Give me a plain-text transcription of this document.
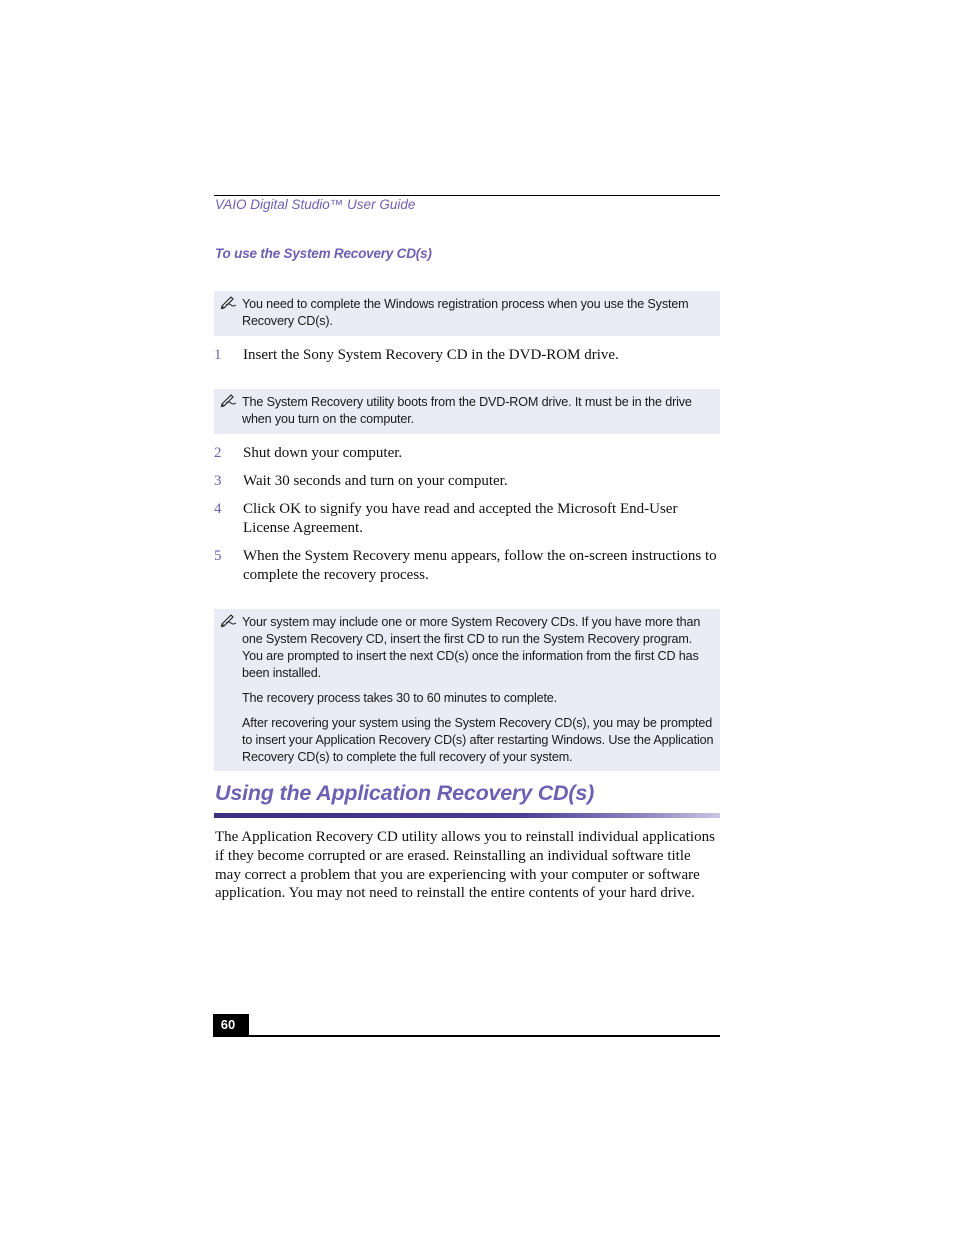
VAIO Digital Studio™ User Guide
To use the System Recovery CD(s)

You need to complete the Windows registration process when you use the System Recovery CD(s).

1	Insert the Sony System Recovery CD in the DVD-ROM drive.

The System Recovery utility boots from the DVD-ROM drive. It must be in the drive when you turn on the computer.

2	Shut down your computer.
3	Wait 30 seconds and turn on your computer.
4	Click OK to signify you have read and accepted the Microsoft End-User License Agreement.
5	When the System Recovery menu appears, follow the on-screen instructions to complete the recovery process.

Your system may include one or more System Recovery CDs. If you have more than one System Recovery CD, insert the first CD to run the System Recovery program. You are prompted to insert the next CD(s) once the information from the first CD has been installed.

The recovery process takes 30 to 60 minutes to complete.

After recovering your system using the System Recovery CD(s), you may be prompted to insert your Application Recovery CD(s) after restarting Windows. Use the Application Recovery CD(s) to complete the full recovery of your system.

Using the Application Recovery CD(s)
The Application Recovery CD utility allows you to reinstall individual applications if they become corrupted or are erased. Reinstalling an individual software title may correct a problem that you are experiencing with your computer or software application. You may not need to reinstall the entire contents of your hard drive.
60
